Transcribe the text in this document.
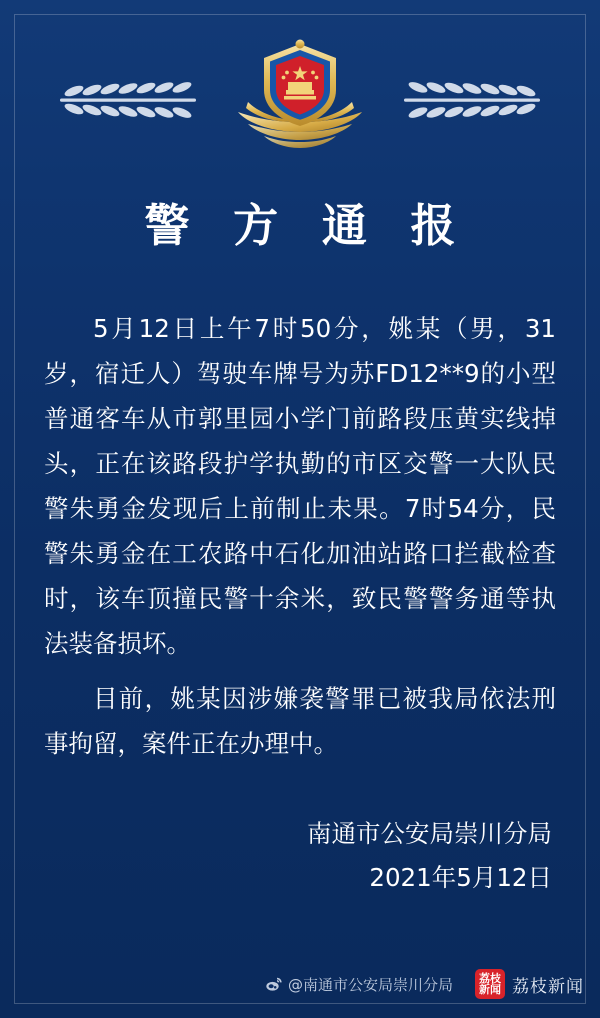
警 方 通 报

5月12日上午7时50分，姚某（男，31岁，宿迁人）驾驶车牌号为苏FD12**9的小型普通客车从市郭里园小学门前路段压黄实线掉头，正在该路段护学执勤的市区交警一大队民警朱勇金发现后上前制止未果。7时54分，民警朱勇金在工农路中石化加油站路口拦截检查时，该车顶撞民警十余米，致民警警务通等执法装备损坏。

目前，姚某因涉嫌袭警罪已被我局依法刑事拘留，案件正在办理中。

南通市公安局崇川分局
2021年5月12日
@南通市公安局崇川分局 荔枝
新闻 荔枝新闻
